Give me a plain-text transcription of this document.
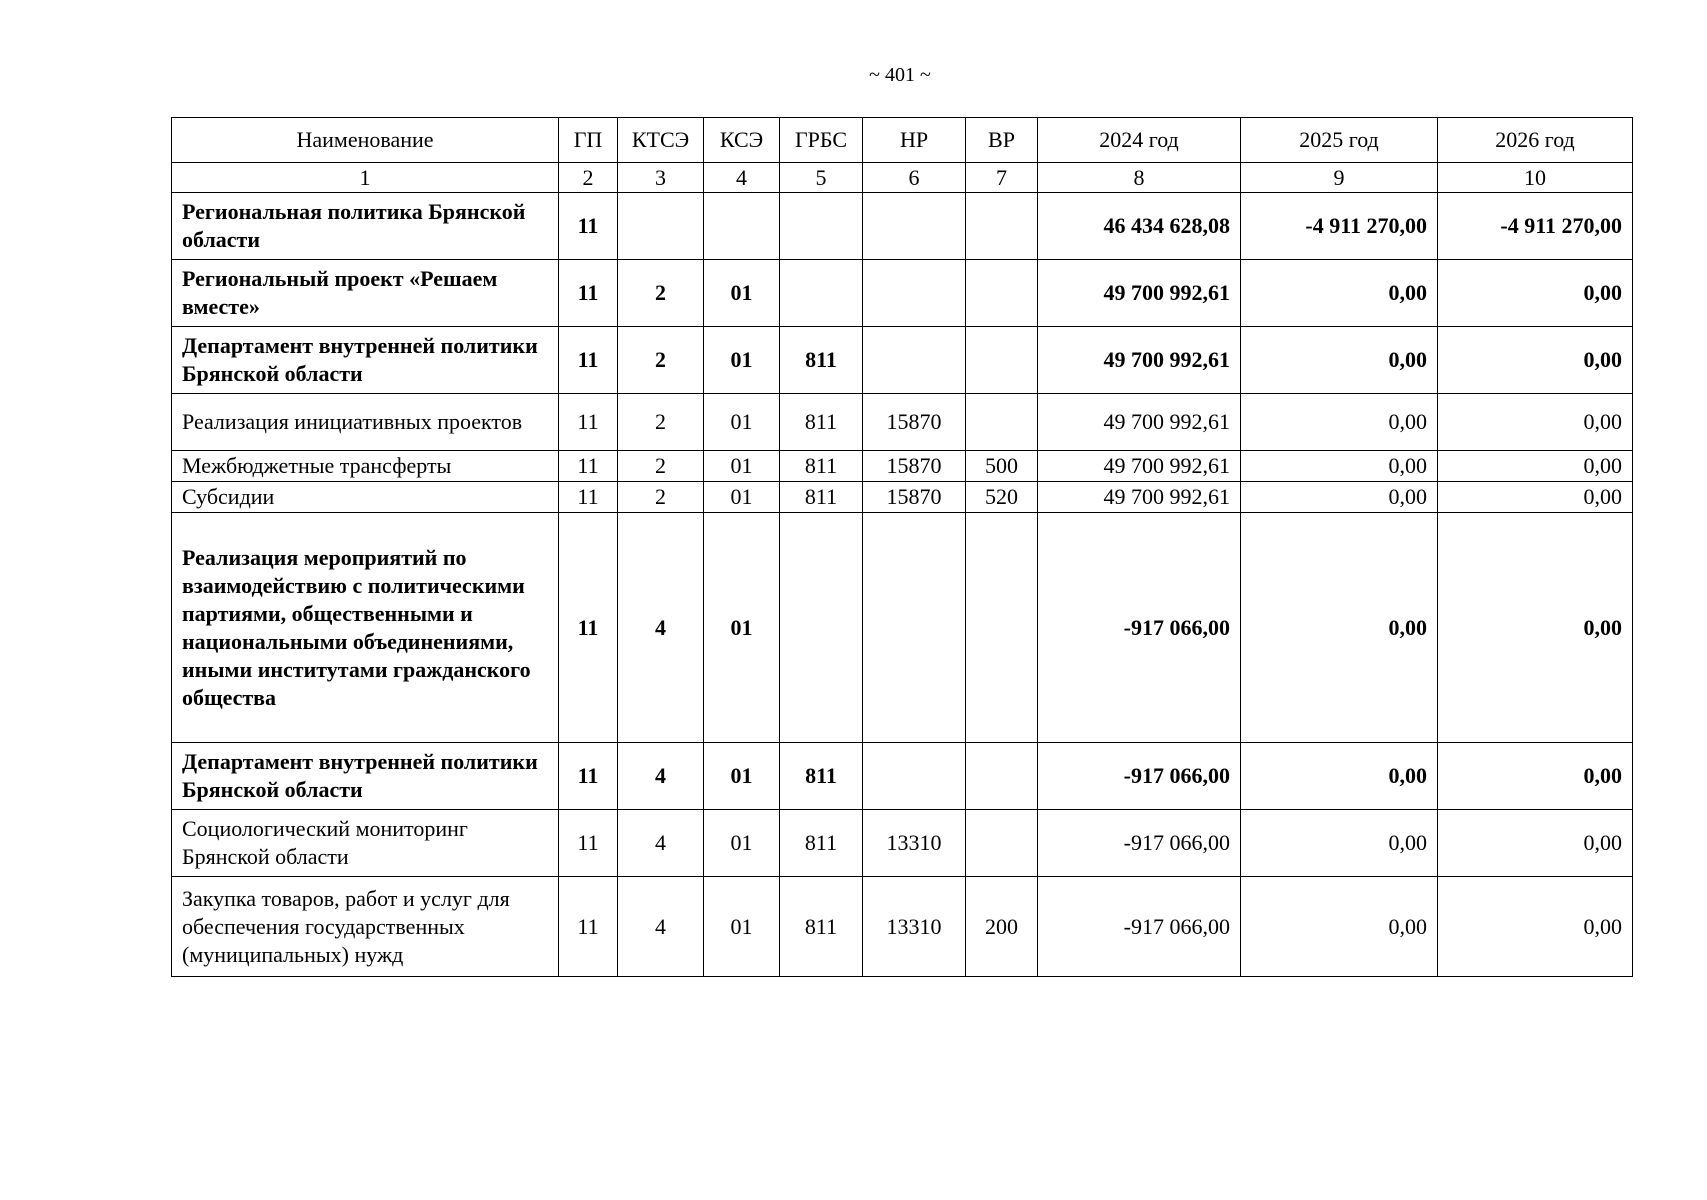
~ 401 ~
Наименование	ГП	КТСЭ	КСЭ	ГРБС	НР	ВР	2024 год	2025 год	2026 год
1	2	3	4	5	6	7	8	9	10
Региональная политика Брянской области	11						46 434 628,08	-4 911 270,00	-4 911 270,00
Региональный проект «Решаем вместе»	11	2	01				49 700 992,61	0,00	0,00
Департамент внутренней политики Брянской области	11	2	01	811			49 700 992,61	0,00	0,00
Реализация инициативных проектов	11	2	01	811	15870		49 700 992,61	0,00	0,00
Межбюджетные трансферты	11	2	01	811	15870	500	49 700 992,61	0,00	0,00
Субсидии	11	2	01	811	15870	520	49 700 992,61	0,00	0,00
Реализация мероприятий по взаимодействию с политическими партиями, общественными и национальными объединениями, иными институтами гражданского общества	11	4	01				-917 066,00	0,00	0,00
Департамент внутренней политики Брянской области	11	4	01	811			-917 066,00	0,00	0,00
Социологический мониторинг Брянской области	11	4	01	811	13310		-917 066,00	0,00	0,00
Закупка товаров, работ и услуг для обеспечения государственных (муниципальных) нужд	11	4	01	811	13310	200	-917 066,00	0,00	0,00
